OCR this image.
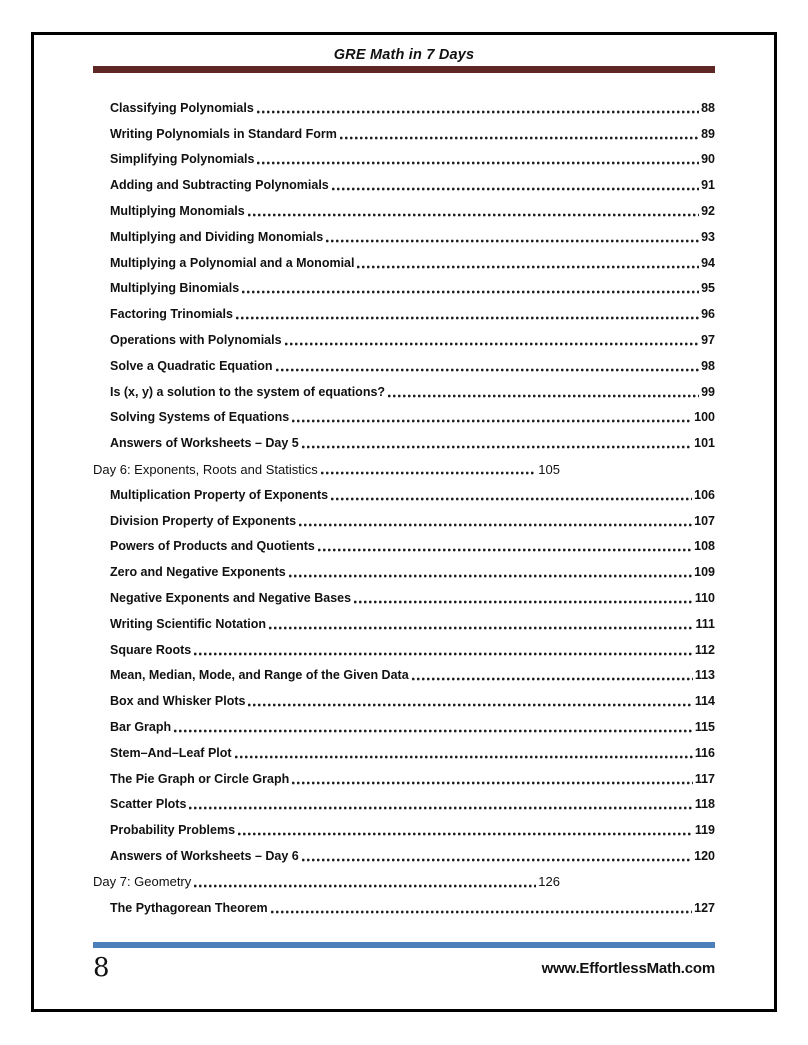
GRE Math in 7 Days
Classifying Polynomials	88
Writing Polynomials in Standard Form	89
Simplifying Polynomials	90
Adding and Subtracting Polynomials	91
Multiplying Monomials	92
Multiplying and Dividing Monomials	93
Multiplying a Polynomial and a Monomial	94
Multiplying Binomials	95
Factoring Trinomials	96
Operations with Polynomials	97
Solve a Quadratic Equation	98
Is (x, y) a solution to the system of equations?	99
Solving Systems of Equations	100
Answers of Worksheets – Day 5	101
Day 6: Exponents, Roots and Statistics	105
Multiplication Property of Exponents	106
Division Property of Exponents	107
Powers of Products and Quotients	108
Zero and Negative Exponents	109
Negative Exponents and Negative Bases	110
Writing Scientific Notation	111
Square Roots	112
Mean, Median, Mode, and Range of the Given Data	113
Box and Whisker Plots	114
Bar Graph	115
Stem–And–Leaf Plot	116
The Pie Graph or Circle Graph	117
Scatter Plots	118
Probability Problems	119
Answers of Worksheets – Day 6	120
Day 7: Geometry	126
The Pythagorean Theorem	127
8	www.EffortlessMath.com
